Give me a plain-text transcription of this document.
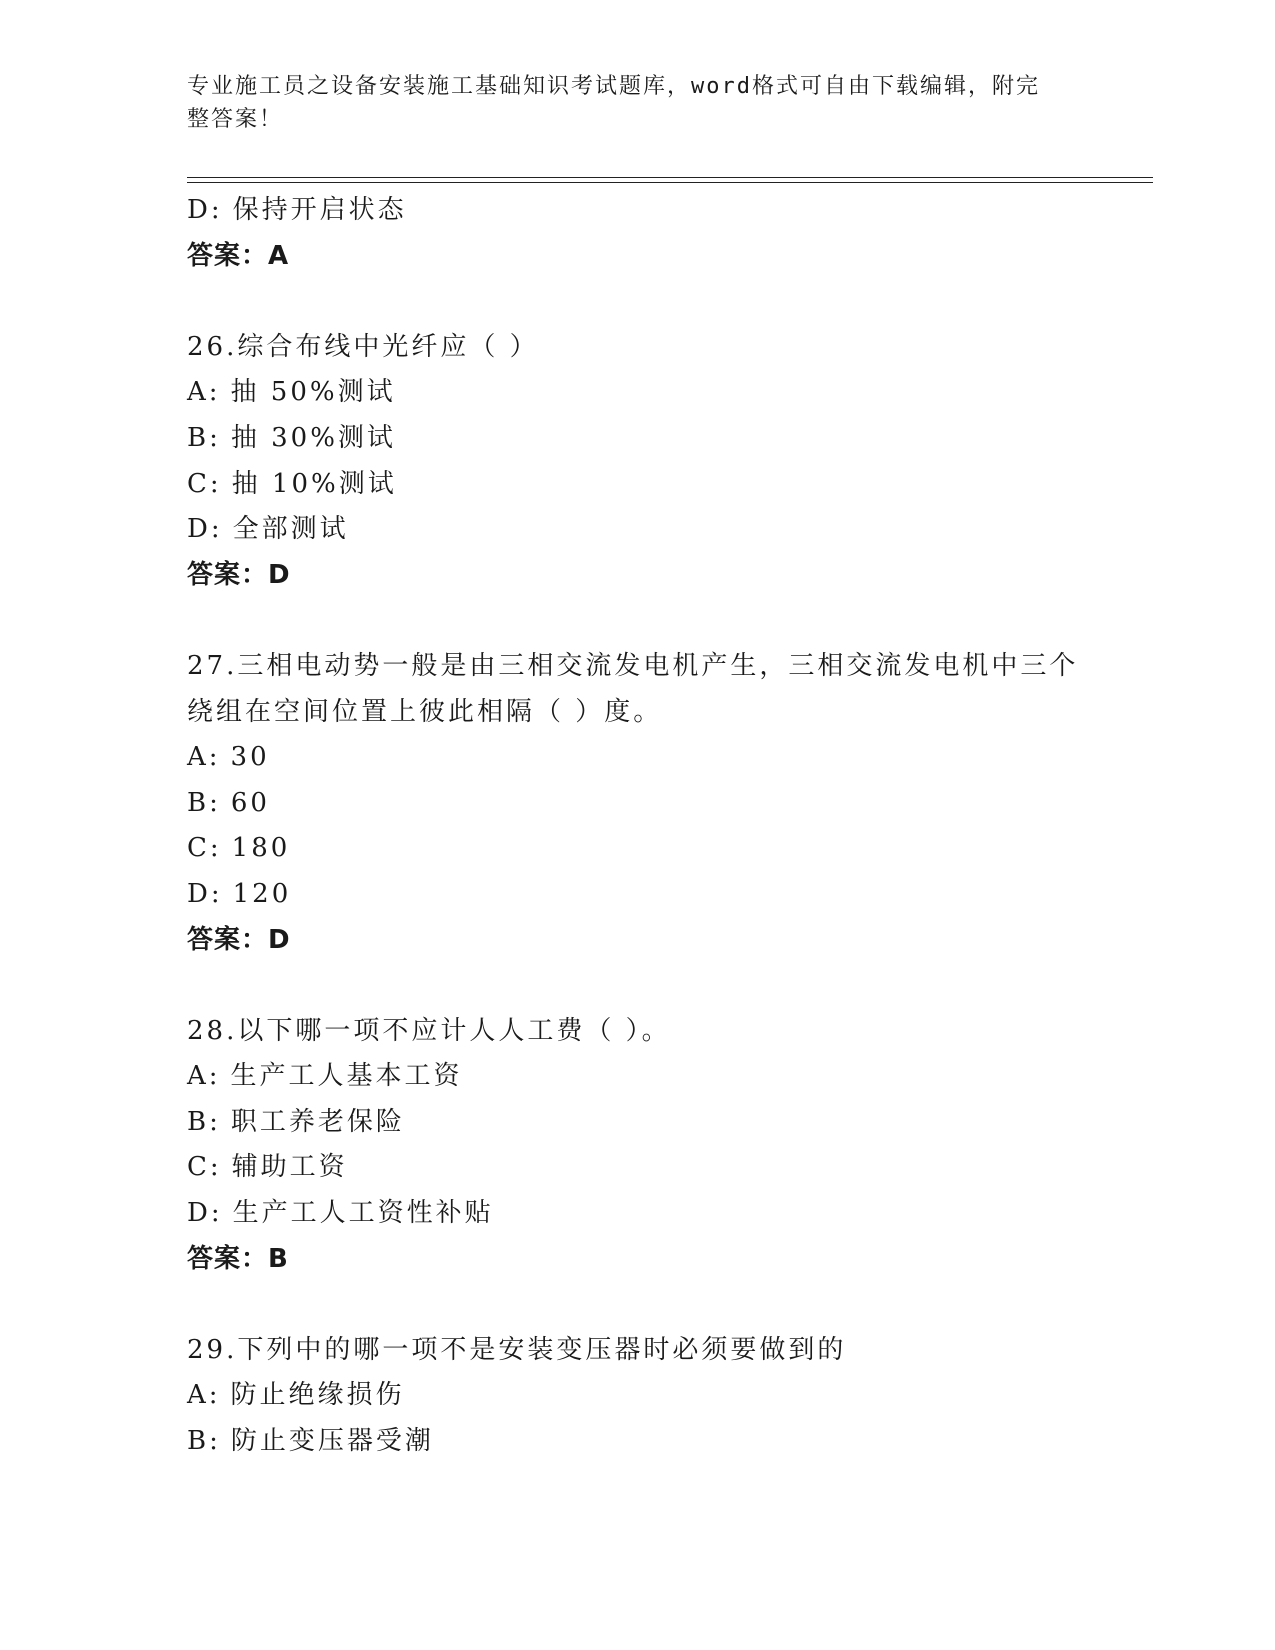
专业施工员之设备安装施工基础知识考试题库，word格式可自由下载编辑，附完
整答案！
D: 保持开启状态
答案：A
26.综合布线中光纤应（ ）
A: 抽 50%测试
B: 抽 30%测试
C: 抽 10%测试
D: 全部测试
答案：D
27.三相电动势一般是由三相交流发电机产生，三相交流发电机中三个
绕组在空间位置上彼此相隔（ ）度。
A: 30
B: 60
C: 180
D: 120
答案：D
28.以下哪一项不应计人人工费（ ）。
A: 生产工人基本工资
B: 职工养老保险
C: 辅助工资
D: 生产工人工资性补贴
答案：B
29.下列中的哪一项不是安装变压器时必须要做到的
A: 防止绝缘损伤
B: 防止变压器受潮
